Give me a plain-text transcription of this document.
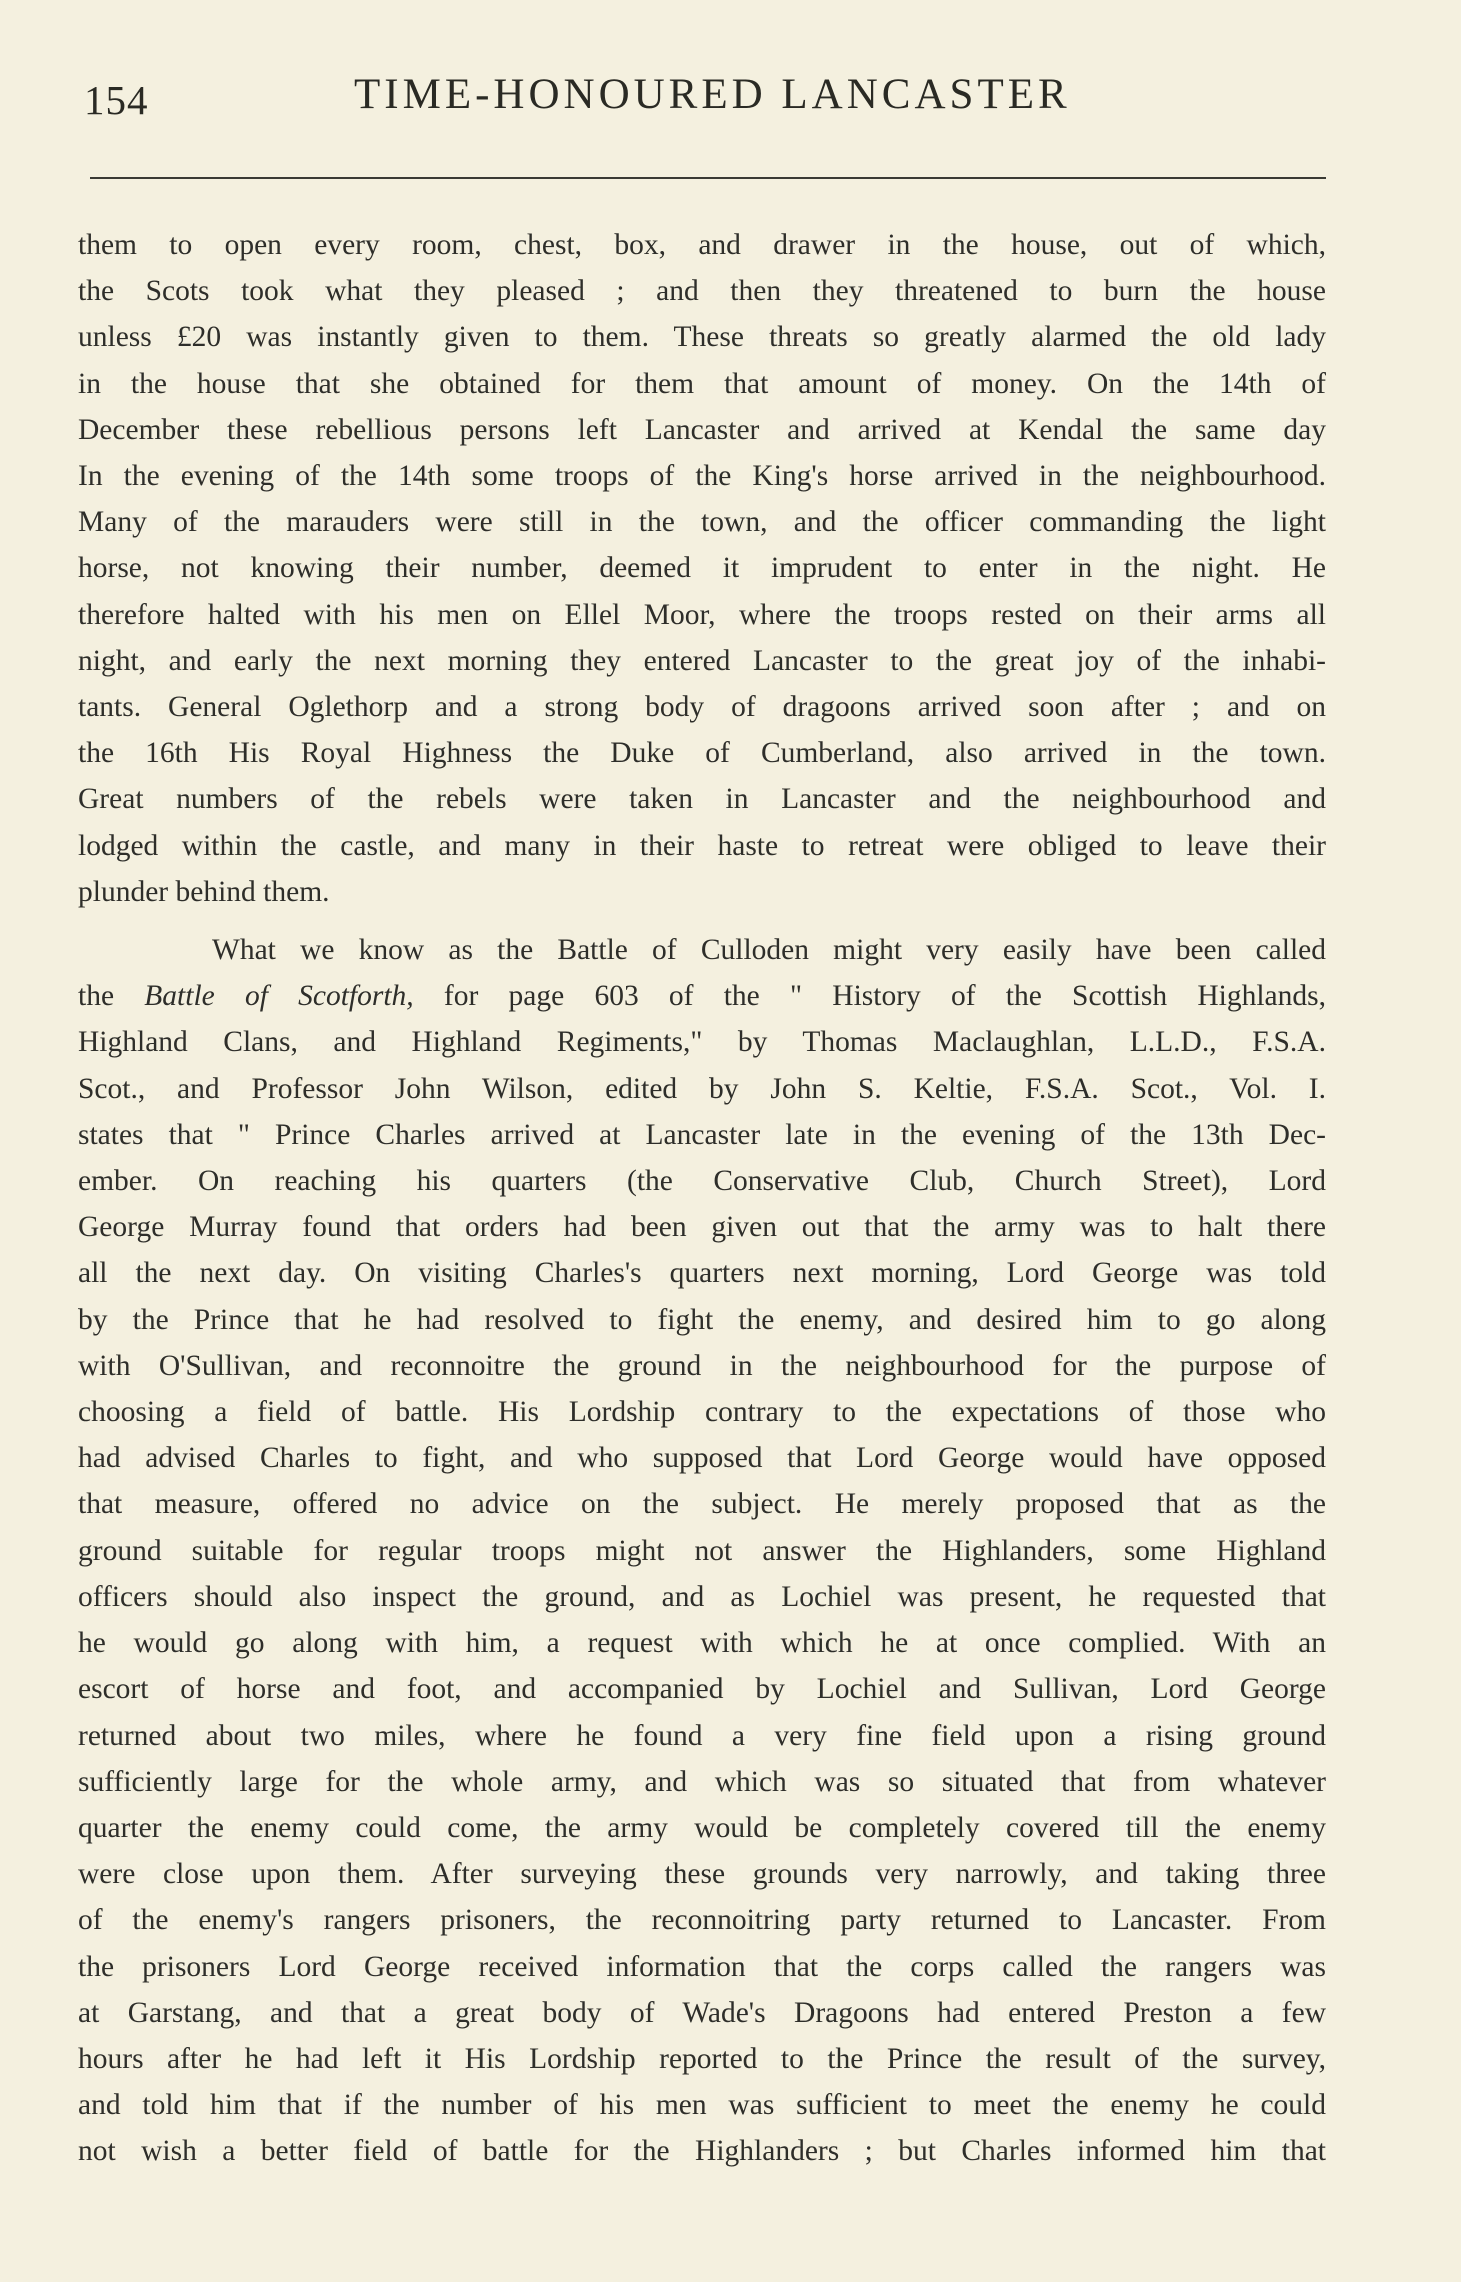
154	TIME-HONOURED LANCASTER
them to open every room, chest, box, and drawer in the house, out of which,
the Scots took what they pleased ; and then they threatened to burn the house
unless £20 was instantly given to them. These threats so greatly alarmed the old lady
in the house that she obtained for them that amount of money. On the 14th of
December these rebellious persons left Lancaster and arrived at Kendal the same day
In the evening of the 14th some troops of the King's horse arrived in the neighbourhood.
Many of the marauders were still in the town, and the officer commanding the light
horse, not knowing their number, deemed it imprudent to enter in the night. He
therefore halted with his men on Ellel Moor, where the troops rested on their arms all
night, and early the next morning they entered Lancaster to the great joy of the inhabi-
tants. General Oglethorp and a strong body of dragoons arrived soon after ; and on
the 16th His Royal Highness the Duke of Cumberland, also arrived in the town.
Great numbers of the rebels were taken in Lancaster and the neighbourhood and
lodged within the castle, and many in their haste to retreat were obliged to leave their
plunder behind them.
What we know as the Battle of Culloden might very easily have been called
the Battle of Scotforth, for page 603 of the " History of the Scottish Highlands,
Highland Clans, and Highland Regiments," by Thomas Maclaughlan, L.L.D., F.S.A.
Scot., and Professor John Wilson, edited by John S. Keltie, F.S.A. Scot., Vol. I.
states that " Prince Charles arrived at Lancaster late in the evening of the 13th Dec-
ember. On reaching his quarters (the Conservative Club, Church Street), Lord
George Murray found that orders had been given out that the army was to halt there
all the next day. On visiting Charles's quarters next morning, Lord George was told
by the Prince that he had resolved to fight the enemy, and desired him to go along
with O'Sullivan, and reconnoitre the ground in the neighbourhood for the purpose of
choosing a field of battle. His Lordship contrary to the expectations of those who
had advised Charles to fight, and who supposed that Lord George would have opposed
that measure, offered no advice on the subject. He merely proposed that as the
ground suitable for regular troops might not answer the Highlanders, some Highland
officers should also inspect the ground, and as Lochiel was present, he requested that
he would go along with him, a request with which he at once complied. With an
escort of horse and foot, and accompanied by Lochiel and Sullivan, Lord George
returned about two miles, where he found a very fine field upon a rising ground
sufficiently large for the whole army, and which was so situated that from whatever
quarter the enemy could come, the army would be completely covered till the enemy
were close upon them. After surveying these grounds very narrowly, and taking three
of the enemy's rangers prisoners, the reconnoitring party returned to Lancaster. From
the prisoners Lord George received information that the corps called the rangers was
at Garstang, and that a great body of Wade's Dragoons had entered Preston a few
hours after he had left it His Lordship reported to the Prince the result of the survey,
and told him that if the number of his men was sufficient to meet the enemy he could
not wish a better field of battle for the Highlanders ; but Charles informed him that
